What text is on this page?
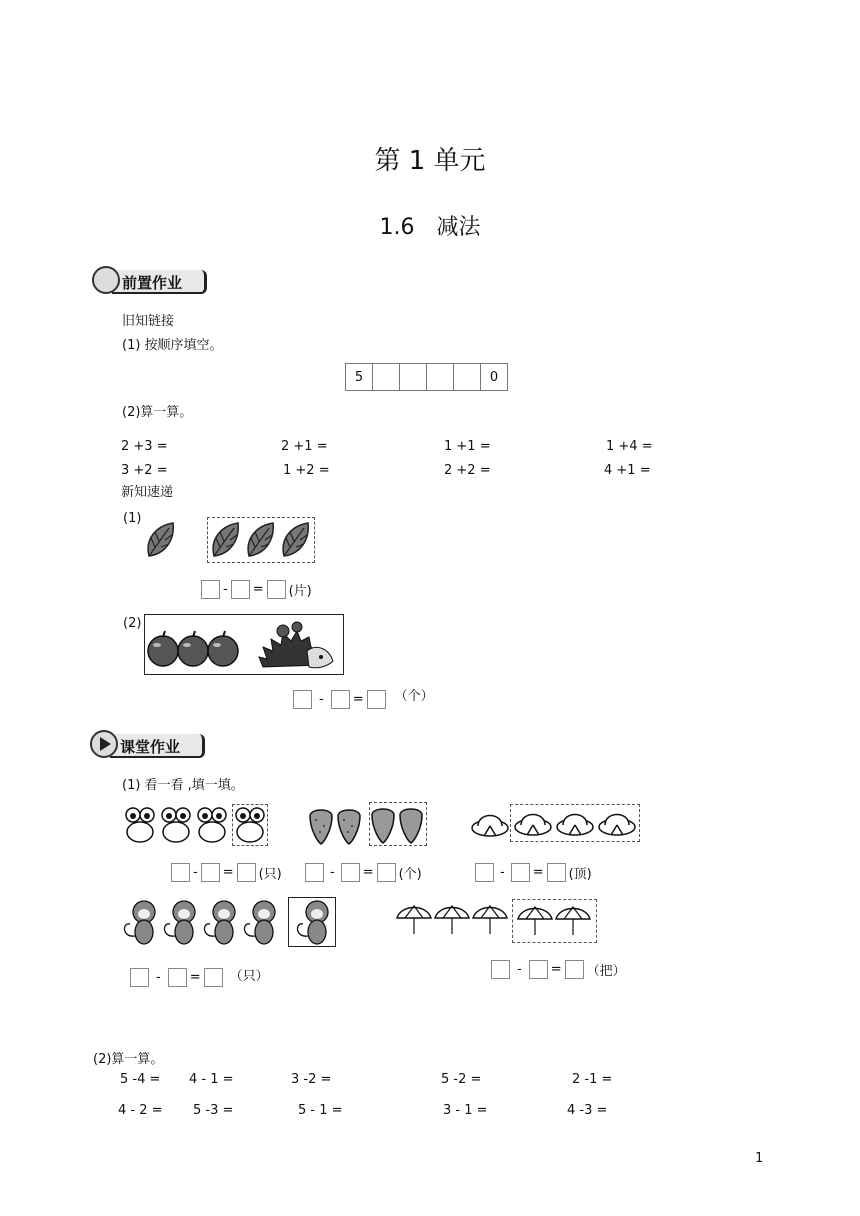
第 1 单元
1.6　减法
前置作业
旧知链接
(1) 按顺序填空。
5	0
(2)算一算。
2 +3 =	2 +1 =	1 +1 =	1 +4 =
3 +2 =	1 +2 =	2 +2 =	4 +1 =
新知速递
(1)
- = (片)
(2)
- = （个）
课堂作业
(1) 看一看 ,填一填。
- = (只)	- = (个)	- = (顶)
- = （只）	- = （把）
(2)算一算。
5 -4 = 4 - 1 =	3 -2 =	5 -2 =	2 -1 =
4 - 2 = 5 -3 =	5 - 1 =	3 - 1 =	4 -3 =
1
